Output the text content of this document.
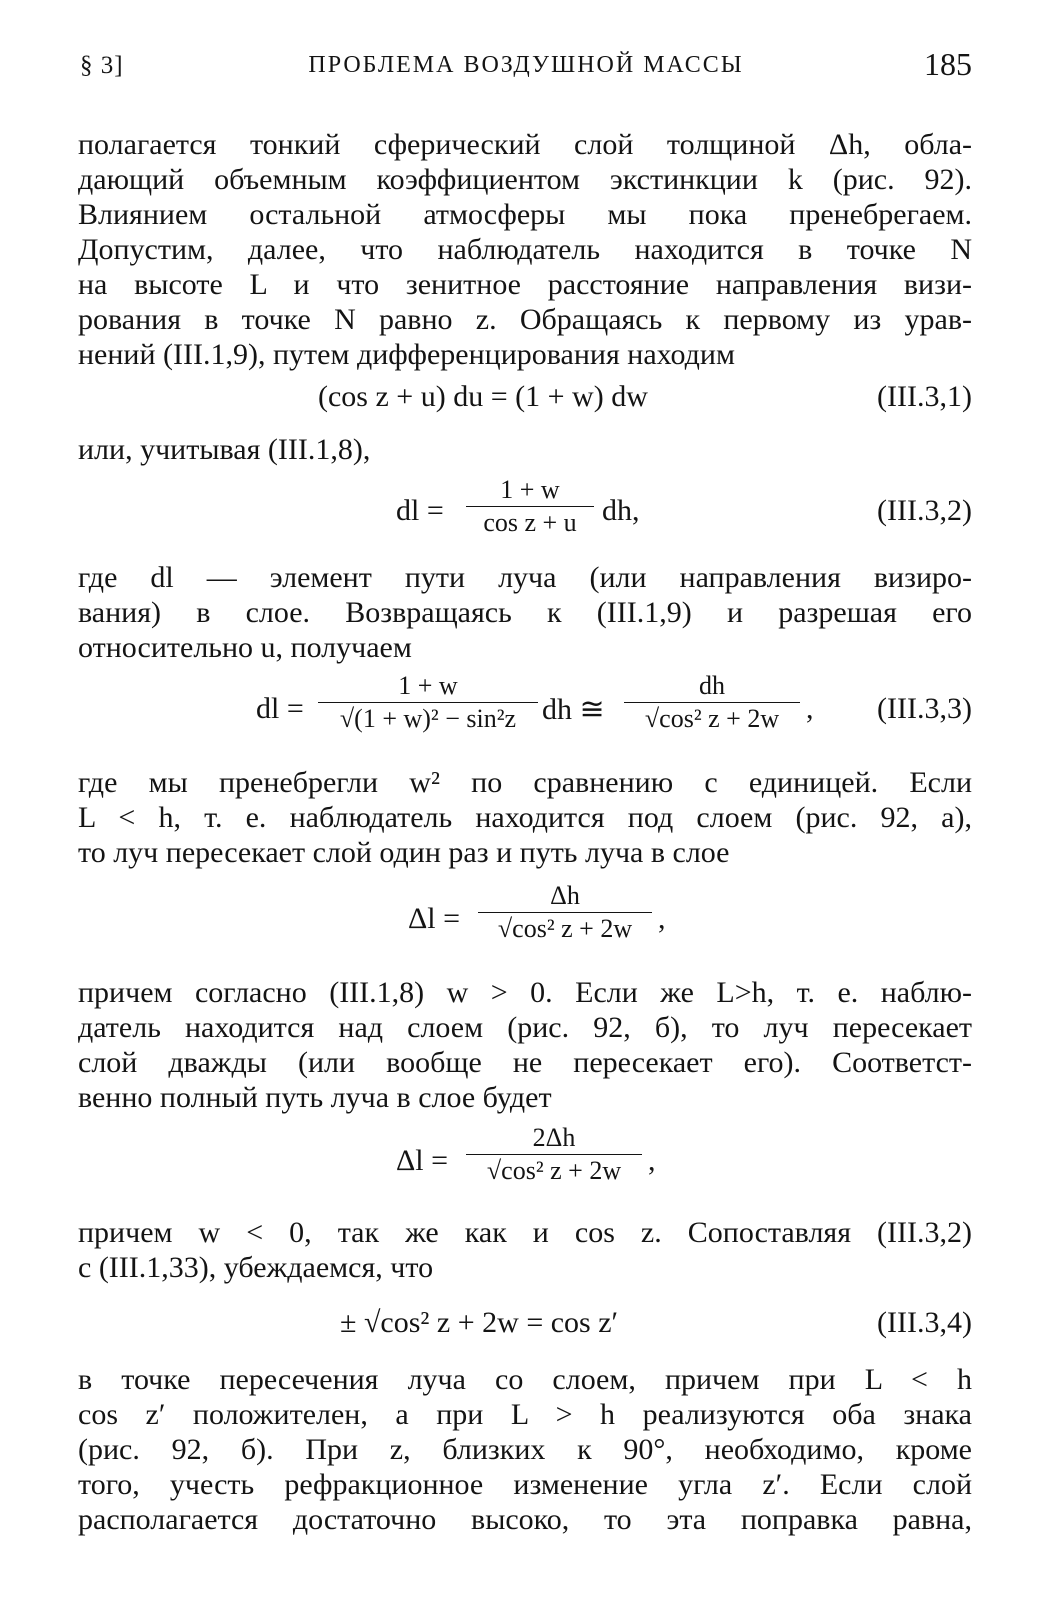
§ 3]	ПРОБЛЕМА ВОЗДУШНОЙ МАССЫ	185
полагается тонкий сферический слой толщиной Δh, обла-
дающий объемным коэффициентом экстинкции k (рис. 92).
Влиянием остальной атмосферы мы пока пренебрегаем.
Допустим, далее, что наблюдатель находится в точке N
на высоте L и что зенитное расстояние направления визи-
рования в точке N равно z. Обращаясь к первому из урав-
нений (III.1,9), путем дифференцирования находим
(cos z + u) du = (1 + w) dw	(III.3,1)
или, учитывая (III.1,8),
dl =
1 + w
cos z + u dh,	(III.3,2)
где dl — элемент пути луча (или направления визиро-
вания) в слое. Возвращаясь к (III.1,9) и разрешая его
относительно u, получаем
dl =
1 + w
√(1 + w)² − sin²z dh ≅
dh
√cos² z + 2w , (III.3,3)
где мы пренебрегли w² по сравнению с единицей. Если
L < h, т. е. наблюдатель находится под слоем (рис. 92, а),
то луч пересекает слой один раз и путь луча в слое
Δl =
Δh
√cos² z + 2w ,
причем согласно (III.1,8) w > 0. Если же L>h, т. е. наблю-
датель находится над слоем (рис. 92, б), то луч пересекает
слой дважды (или вообще не пересекает его). Соответст-
венно полный путь луча в слое будет
Δl =
2Δh
√cos² z + 2w ,
причем w < 0, так же как и cos z. Сопоставляя (III.3,2)
с (III.1,33), убеждаемся, что
± √cos² z + 2w = cos z′	(III.3,4)
в точке пересечения луча со слоем, причем при L < h
cos z′ положителен, а при L > h реализуются оба знака
(рис. 92, б). При z, близких к 90°, необходимо, кроме
того, учесть рефракционное изменение угла z′. Если слой
располагается достаточно высоко, то эта поправка равна,
